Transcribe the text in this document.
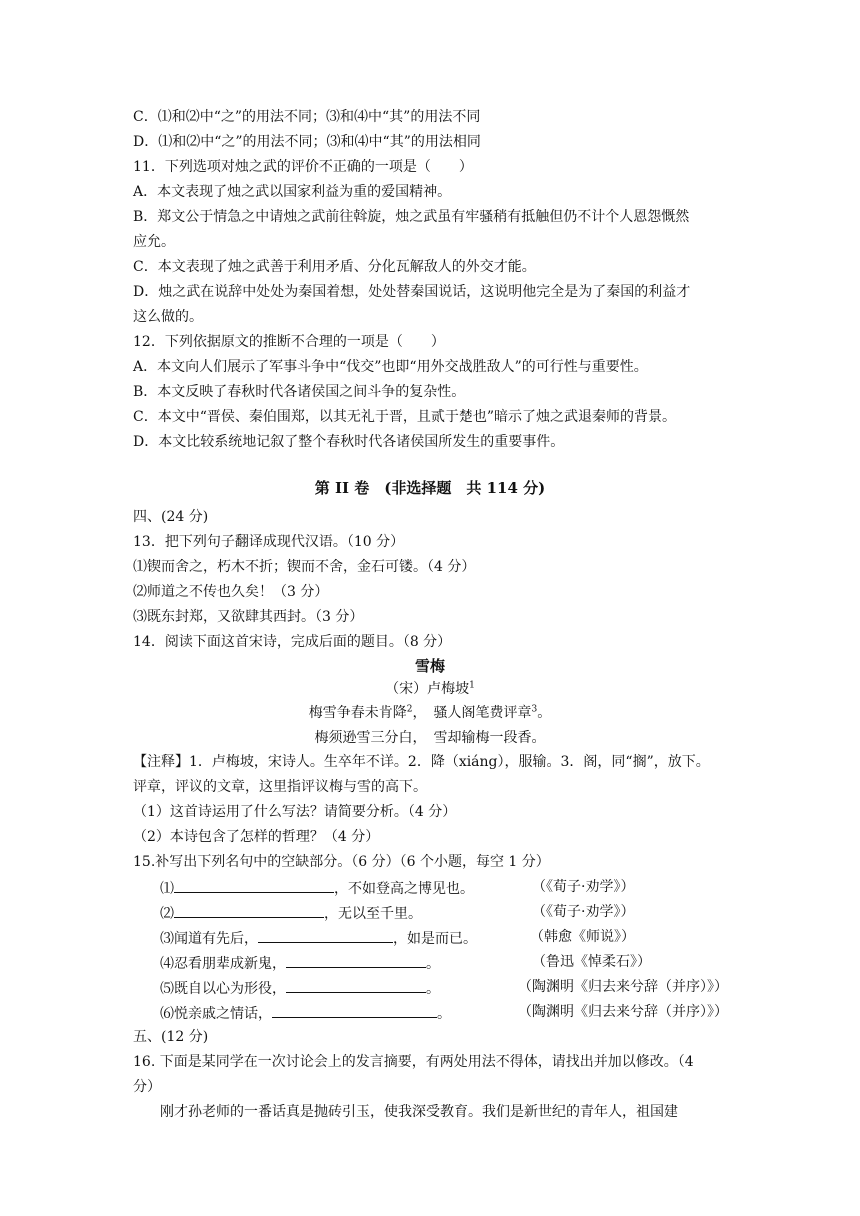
C．⑴和⑵中“之”的用法不同；⑶和⑷中“其”的用法不同
D．⑴和⑵中“之”的用法不同；⑶和⑷中“其”的用法相同
11．下列选项对烛之武的评价不正确的一项是（　　）
A．本文表现了烛之武以国家利益为重的爱国精神。
B．郑文公于情急之中请烛之武前往斡旋，烛之武虽有牢骚稍有抵触但仍不计个人恩怨慨然
应允。
C．本文表现了烛之武善于利用矛盾、分化瓦解敌人的外交才能。
D．烛之武在说辞中处处为秦国着想，处处替秦国说话，这说明他完全是为了秦国的利益才
这么做的。
12．下列依据原文的推断不合理的一项是（　　）
A．本文向人们展示了军事斗争中“伐交”也即“用外交战胜敌人”的可行性与重要性。
B．本文反映了春秋时代各诸侯国之间斗争的复杂性。
C．本文中“晋侯、秦伯围郑，以其无礼于晋，且贰于楚也”暗示了烛之武退秦师的背景。
D．本文比较系统地记叙了整个春秋时代各诸侯国所发生的重要事件。
第 II 卷　(非选择题　共 114 分)
四、(24 分)
13．把下列句子翻译成现代汉语。（10 分）
⑴锲而舍之，朽木不折；锲而不舍，金石可镂。（4 分）
⑵师道之不传也久矣！（3 分）
⑶既东封郑，又欲肆其西封。（3 分）
14．阅读下面这首宋诗，完成后面的题目。（8 分）
雪梅
（宋）卢梅坡$^1$
梅雪争春未肯降$^2$，　骚人阁笔费评章$^3$。
梅须逊雪三分白，　雪却输梅一段香。
【注释】1．卢梅坡，宋诗人。生卒年不详。2．降（xiáng），服输。3．阁，同“搁”，放下。
评章，评议的文章，这里指评议梅与雪的高下。
（1）这首诗运用了什么写法？请简要分析。（4 分）
（2）本诗包含了怎样的哲理？（4 分）
15.补写出下列名句中的空缺部分。（6 分）（6 个小题，每空 1 分）
⑴	，不如登高之博见也。	（《荀子·劝学》）
⑵	，无以至千里。	（《荀子·劝学》）
⑶闻道有先后，	，如是而已。	（韩愈《师说》）
⑷忍看朋辈成新鬼，	。	（鲁迅《悼柔石》）
⑸既自以心为形役，	。	（陶渊明《归去来兮辞（并序）》）
⑹悦亲戚之情话，	。	（陶渊明《归去来兮辞（并序）》）
五、(12 分)
16. 下面是某同学在一次讨论会上的发言摘要，有两处用法不得体，请找出并加以修改。（4
分）
刚才孙老师的一番话真是抛砖引玉，使我深受教育。我们是新世纪的青年人，祖国建
